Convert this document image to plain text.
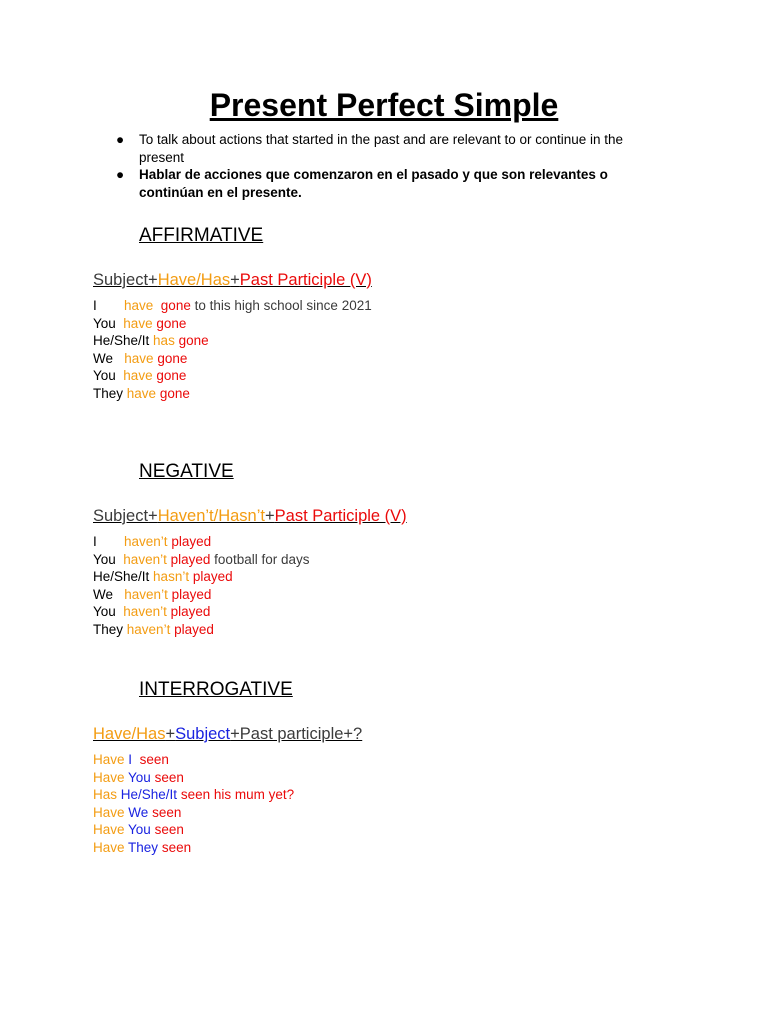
Present Perfect Simple
● To talk about actions that started in the past and are relevant to or continue in the present
● Hablar de acciones que comenzaron en el pasado y que son relevantes o continúan en el presente.
AFFIRMATIVE
Subject+Have/Has+Past Participle (V)
I have gone to this high school since 2021
You have gone
He/She/It has gone
We have gone
You have gone
They have gone
NEGATIVE
Subject+Haven’t/Hasn’t+Past Participle (V)
I haven’t played
You haven’t played football for days
He/She/It hasn’t played
We haven’t played
You haven’t played
They haven’t played
INTERROGATIVE
Have/Has+Subject+Past participle+?
Have I seen
Have You seen
Has He/She/It seen his mum yet?
Have We seen
Have You seen
Have They seen
